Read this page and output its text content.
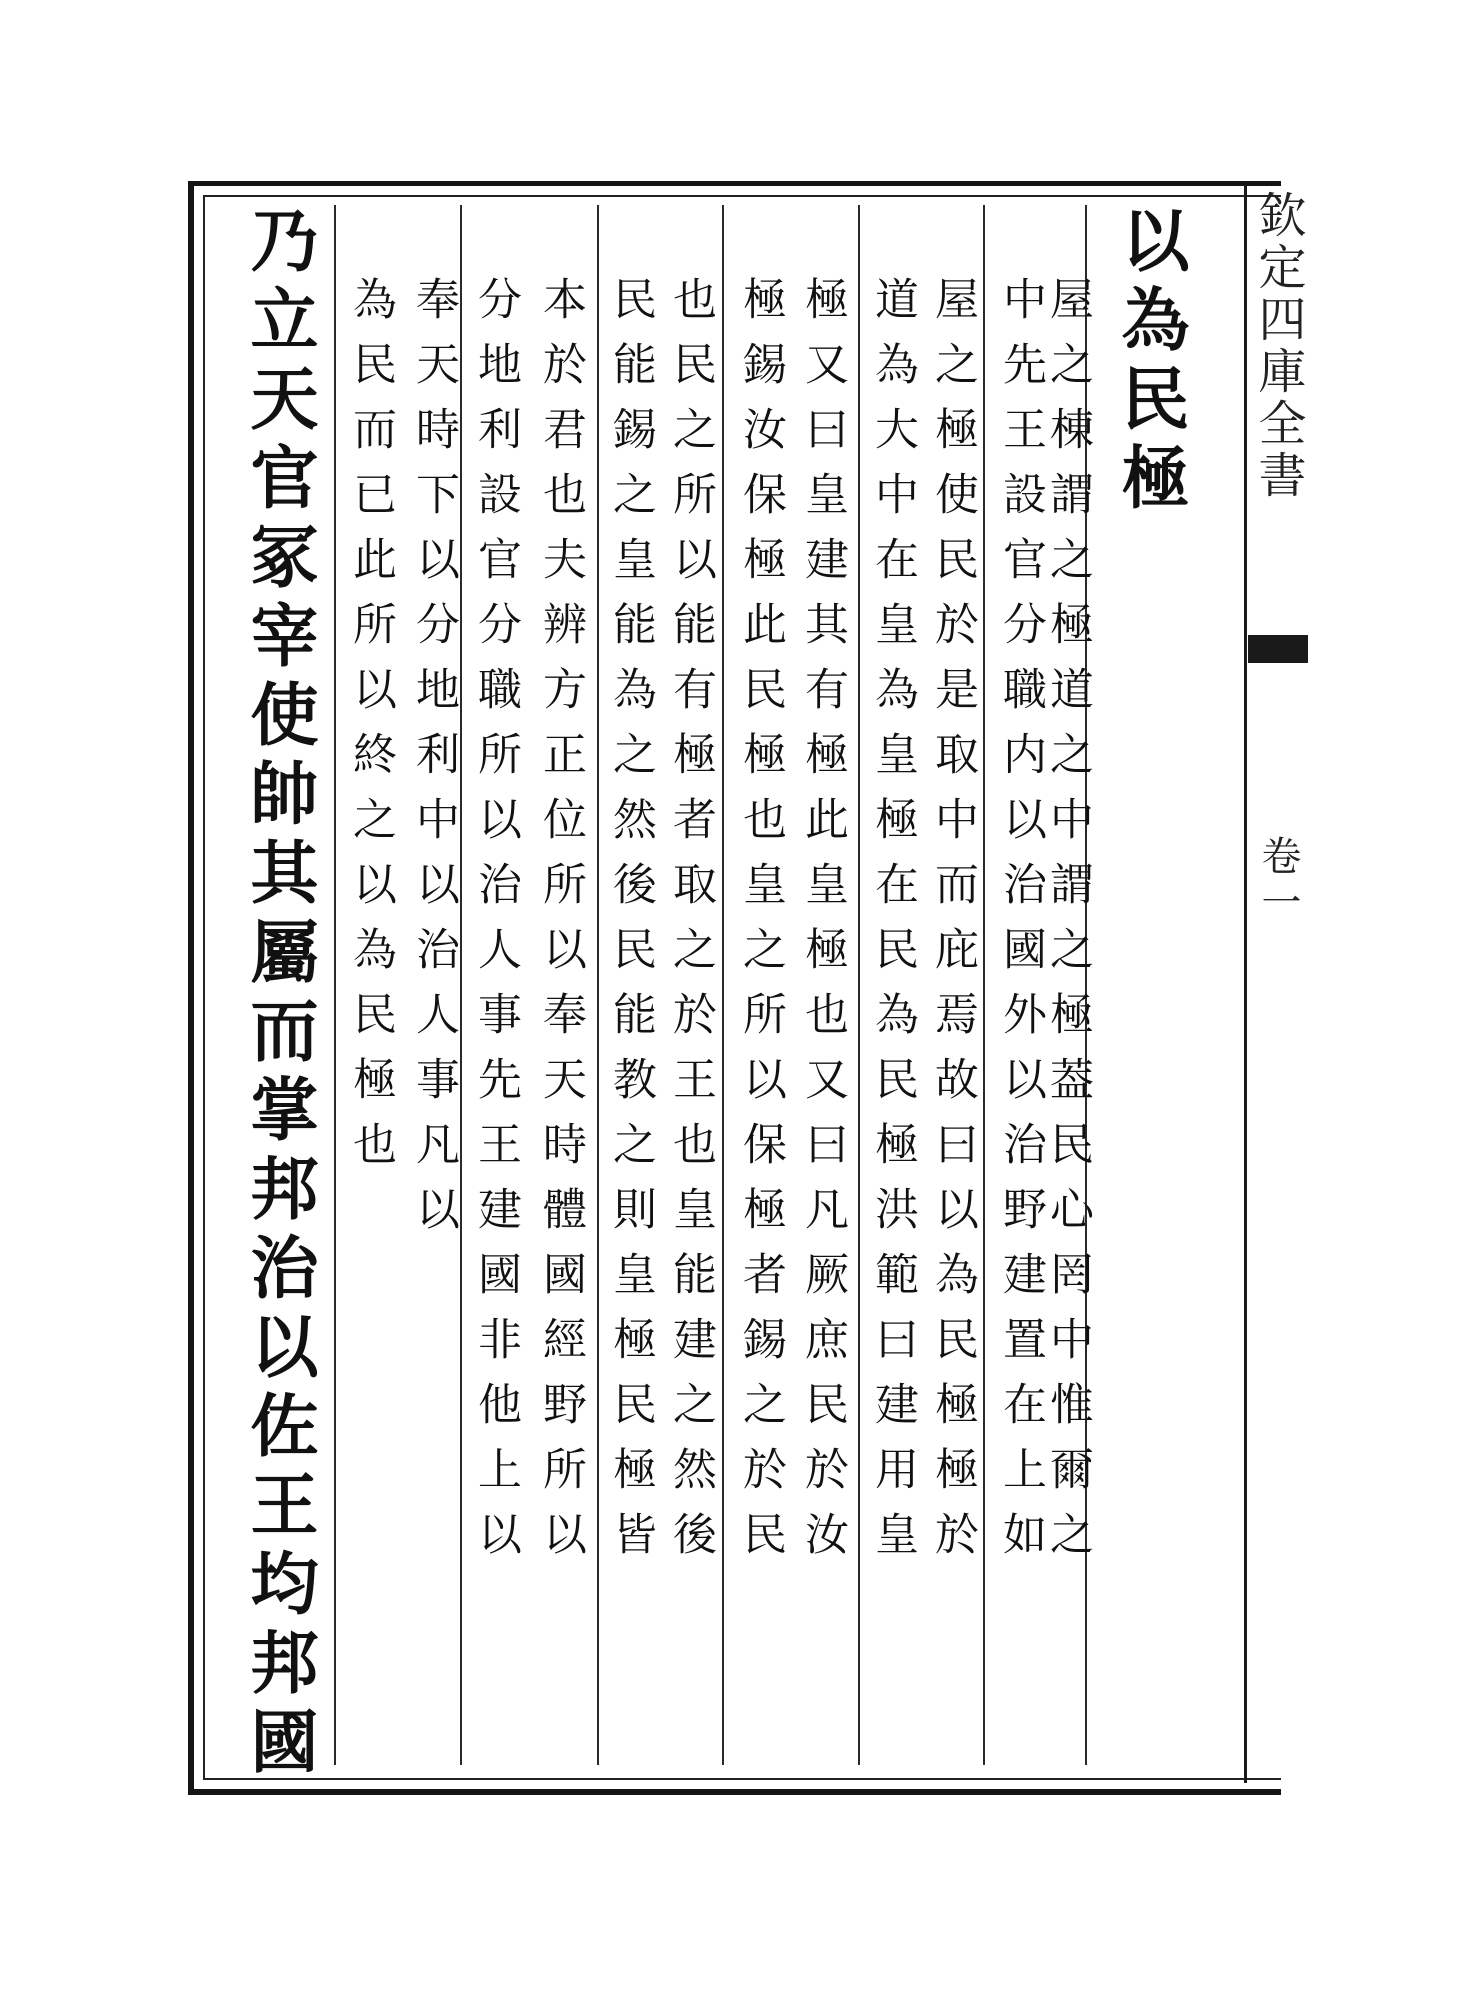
欽定四庫全書
卷一
以為民極
屋之棟謂之極道之中謂之極葢民心罔中惟爾之
中先王設官分職内以治國外以治野建置在上如
屋之極使民於是取中而庇焉故曰以為民極極於
道為大中在皇為皇極在民為民極洪範曰建用皇
極又曰皇建其有極此皇極也又曰凡厥庶民於汝
極錫汝保極此民極也皇之所以保極者錫之於民
也民之所以能有極者取之於王也皇能建之然後
民能錫之皇能為之然後民能教之則皇極民極皆
本於君也夫辨方正位所以奉天時體國經野所以
分地利設官分職所以治人事先王建國非他上以
奉天時下以分地利中以治人事凡以
為民而已此所以終之以為民極也
乃立天官冢宰使帥其屬而掌邦治以佐王均邦國
